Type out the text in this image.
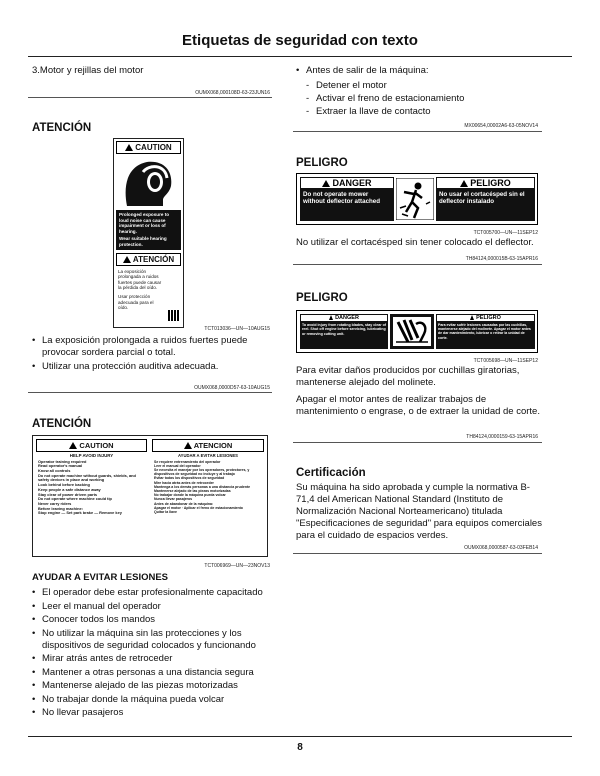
Etiquetas de seguridad con texto
3.Motor y rejillas del motor
OUMX068,000108D-63-23JUN16
ATENCIÓN
CAUTION
Prolonged exposure to loud noise can cause impairment or loss of hearing.
Wear suitable hearing protection.
ATENCIÓN
La exposición prolongada a ruidos fuertes puede causar la pérdida del oído.
Usar protección adecuada para el oído.
TCT013036—UN—10AUG15
• La exposición prolongada a ruidos fuertes puede provocar sordera parcial o total.
• Utilizar una protección auditiva adecuada.
OUMX068,0000D57-63-10AUG15
ATENCIÓN
CAUTION
HELP AVOID INJURY
Operator training required
Read operator's manual
Know all controls
Do not operate machine without guards, shields, and safety devices in place and working
Look behind before backing
Keep people a safe distance away
Stay clear of power driven parts
Do not operate where machine could tip
Never carry riders
Before leaving machine:
Stop engine — Set park brake — Remove key
ATENCION
AYUDAR A EVITAR LESIONES
Se requiere entrenamiento del operador
Leer el manual del operador
Se necesita el manejar por los operadores, protectores, y dispositivos de seguridad no incluye y al trabajo
Evitar todas los dispositivos de seguridad
Mire hacia atrás antes de retroceder
Mantenga a los demás personas a una distancia prudente
Mantenerse alejado de las piezas motorizadas
No trabajar donde la máquina pueda volcar
Nunca llevar pasajeros
Antes de abandonar de la máquina:
Apagar el motor · Aplicar el freno de estacionamiento
Quitar la llave
TCT006969—UN—23NOV13
AYUDAR A EVITAR LESIONES
• El operador debe estar profesionalmente capacitado
• Leer el manual del operador
• Conocer todos los mandos
• No utilizar la máquina sin las protecciones y los dispositivos de seguridad colocados y funcionando
• Mirar atrás antes de retroceder
• Mantener a otras personas a una distancia segura
• Mantenerse alejado de las piezas motorizadas
• No trabajar donde la máquina pueda volcar
• No llevar pasajeros
• Antes de salir de la máquina:
- Detener el motor
- Activar el freno de estacionamiento
- Extraer la llave de contacto
MX00654,00002A6-63-05NOV14
PELIGRO
DANGER
Do not operate mower without deflector attached
PELIGRO
No usar el cortacésped sin el deflector instalado
TCU20506
TCT005700—UN—11SEP12
No utilizar el cortacésped sin tener colocado el deflector.
TH84124,000015B-63-15APR16
PELIGRO
DANGER
To avoid injury from rotating blades, stay clear of reel. Shut off engine before servicing, lubricating or removing cutting unit.
PELIGRO
Para evitar sufrir lesiones causadas por las cuchillas, mantenerse alejado del molinete. Apagar el motor antes de dar mantenimiento, lubricar o retirar la unidad de corte.
TCT005698—UN—11SEP12
Para evitar daños producidos por cuchillas giratorias, mantenerse alejado del molinete.
Apagar el motor antes de realizar trabajos de mantenimiento o engrase, o de extraer la unidad de corte.
TH84124,0000159-63-15APR16
Certificación
Su máquina ha sido aprobada y cumple la normativa B-71,4 del American National Standard (Instituto de Normalización Nacional Norteamericano) titulada "Especificaciones de seguridad" para equipos comerciales para el cuidado de espacios verdes.
OUMX068,0000587-63-03FEB14
8
